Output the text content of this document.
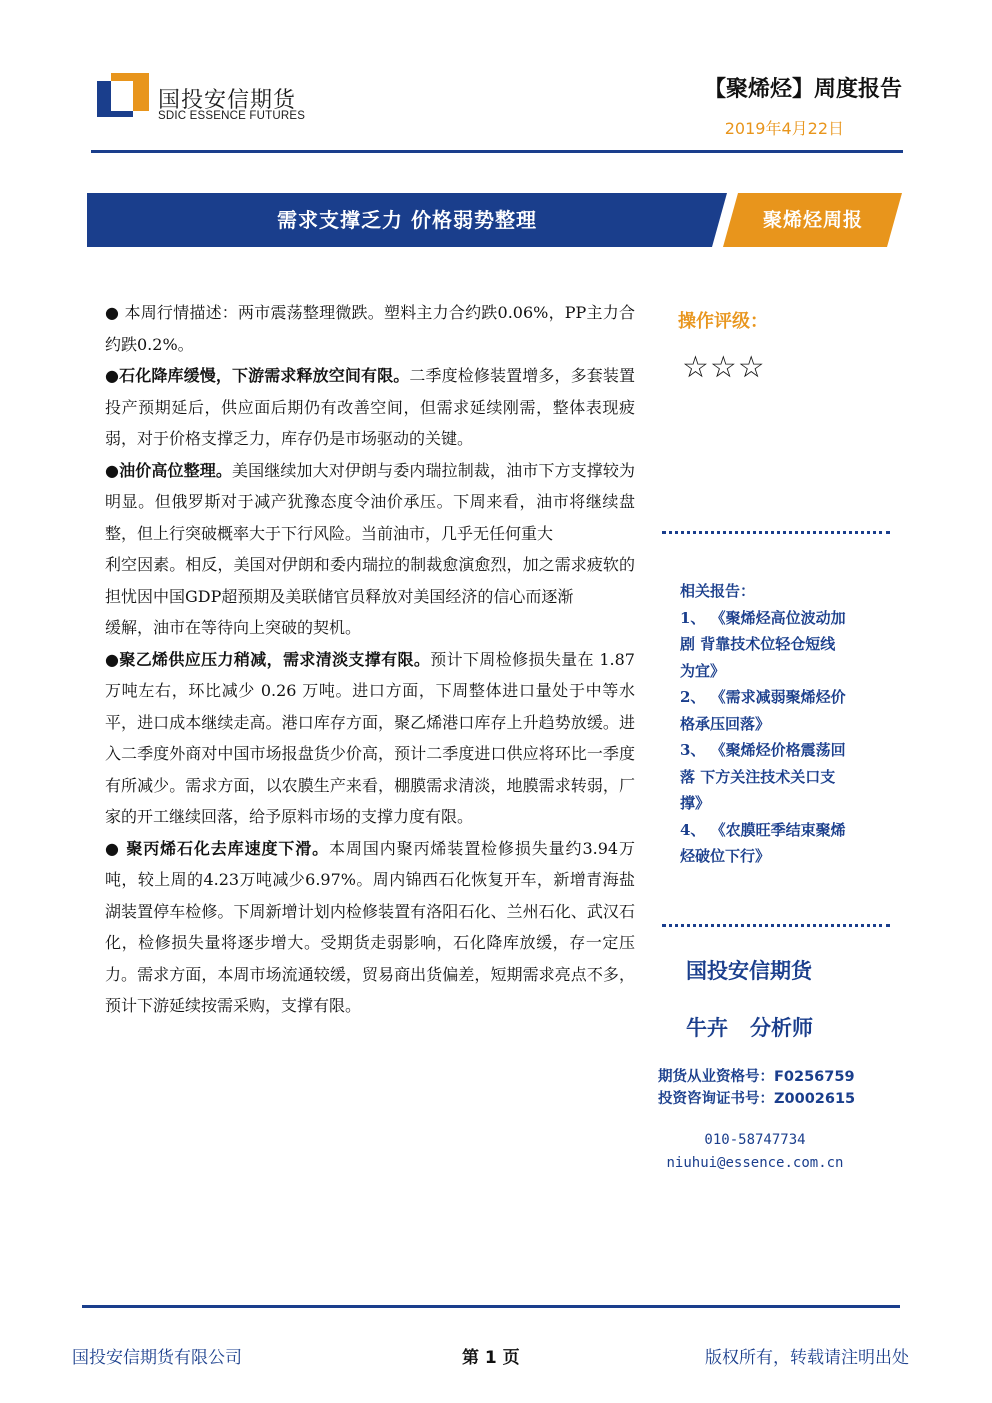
国投安信期货
SDIC ESSENCE FUTURES
【聚烯烃】周度报告
2019年4月22日
需求支撑乏力 价格弱势整理	聚烯烃周报

● 本周行情描述：两市震荡整理微跌。塑料主力合约跌0.06%，PP主力合约跌0.2%。

●石化降库缓慢，下游需求释放空间有限。二季度检修装置增多，多套装置投产预期延后，供应面后期仍有改善空间，但需求延续刚需，整体表现疲弱，对于价格支撑乏力，库存仍是市场驱动的关键。

●油价高位整理。美国继续加大对伊朗与委内瑞拉制裁，油市下方支撑较为明显。但俄罗斯对于减产犹豫态度令油价承压。下周来看，油市将继续盘整，但上行突破概率大于下行风险。当前油市，几乎无任何重大

利空因素。相反，美国对伊朗和委内瑞拉的制裁愈演愈烈，加之需求疲软的担忧因中国GDP超预期及美联储官员释放对美国经济的信心而逐渐

缓解，油市在等待向上突破的契机。

●聚乙烯供应压力稍减，需求清淡支撑有限。预计下周检修损失量在 1.87 万吨左右，环比减少 0.26 万吨。进口方面，下周整体进口量处于中等水平，进口成本继续走高。港口库存方面，聚乙烯港口库存上升趋势放缓。进入二季度外商对中国市场报盘货少价高，预计二季度进口供应将环比一季度有所减少。需求方面，以农膜生产来看，棚膜需求清淡，地膜需求转弱，厂家的开工继续回落，给予原料市场的支撑力度有限。

● 聚丙烯石化去库速度下滑。本周国内聚丙烯装置检修损失量约3.94万吨，较上周的4.23万吨减少6.97%。周内锦西石化恢复开车，新增青海盐湖装置停车检修。下周新增计划内检修装置有洛阳石化、兰州石化、武汉石化，检修损失量将逐步增大。受期货走弱影响，石化降库放缓，存一定压力。需求方面，本周市场流通较缓，贸易商出货偏差，短期需求亮点不多，预计下游延续按需采购，支撑有限。

操作评级：
☆☆☆
相关报告：
1、 《聚烯烃高位波动加
剧 背靠技术位轻仓短线
为宜》
2、 《需求减弱聚烯烃价
格承压回落》
3、 《聚烯烃价格震荡回
落 下方关注技术关口支
撑》
4、 《农膜旺季结束聚烯
烃破位下行》
国投安信期货
牛卉 分析师
期货从业资格号：F0256759
投资咨询证书号：Z0002615
010-58747734
niuhui@essence.com.cn
国投安信期货有限公司	第 1 页	版权所有，转载请注明出处
